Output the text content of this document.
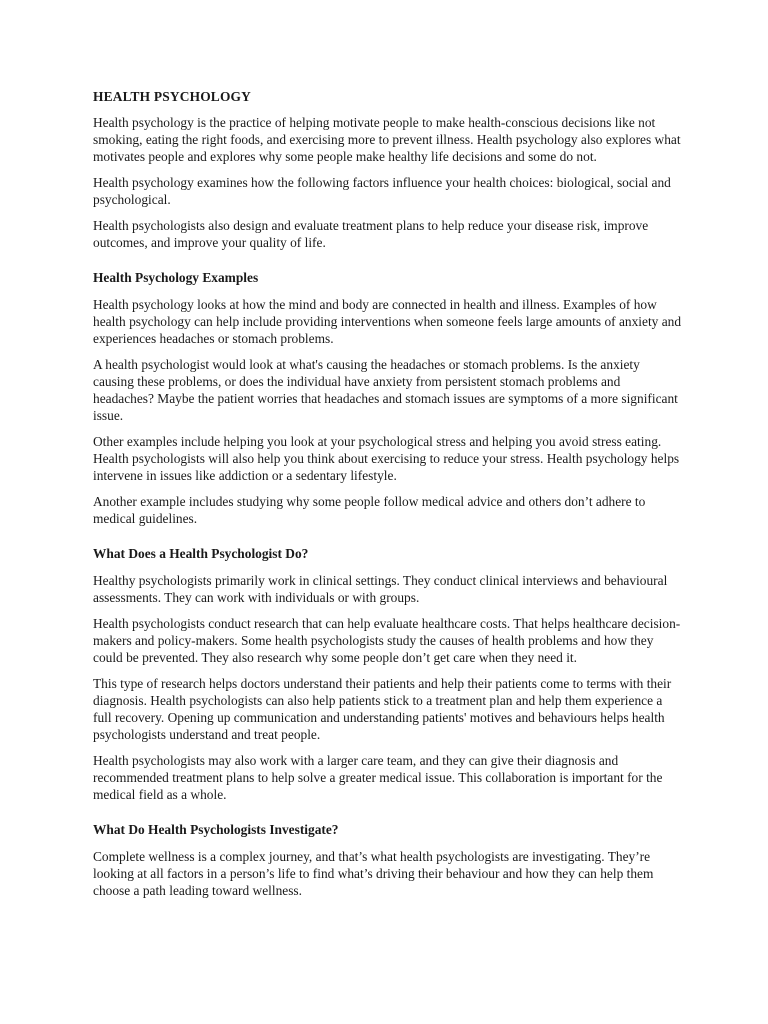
HEALTH PSYCHOLOGY

Health psychology is the practice of helping motivate people to make health-conscious decisions like not smoking, eating the right foods, and exercising more to prevent illness. Health psychology also explores what motivates people and explores why some people make healthy life decisions and some do not.

Health psychology examines how the following factors influence your health choices: biological, social and psychological.

Health psychologists also design and evaluate treatment plans to help reduce your disease risk, improve outcomes, and improve your quality of life.

Health Psychology Examples

Health psychology looks at how the mind and body are connected in health and illness. Examples of how health psychology can help include providing interventions when someone feels large amounts of anxiety and experiences headaches or stomach problems.

A health psychologist would look at what's causing the headaches or stomach problems. Is the anxiety causing these problems, or does the individual have anxiety from persistent stomach problems and headaches? Maybe the patient worries that headaches and stomach issues are symptoms of a more significant issue.

Other examples include helping you look at your psychological stress and helping you avoid stress eating. Health psychologists will also help you think about exercising to reduce your stress. Health psychology helps intervene in issues like addiction or a sedentary lifestyle.

Another example includes studying why some people follow medical advice and others don’t adhere to medical guidelines.

What Does a Health Psychologist Do?

Healthy psychologists primarily work in clinical settings. They conduct clinical interviews and behavioural assessments. They can work with individuals or with groups.

Health psychologists conduct research that can help evaluate healthcare costs. That helps healthcare decision-makers and policy-makers. Some health psychologists study the causes of health problems and how they could be prevented. They also research why some people don’t get care when they need it.

This type of research helps doctors understand their patients and help their patients come to terms with their diagnosis. Health psychologists can also help patients stick to a treatment plan and help them experience a full recovery. Opening up communication and understanding patients' motives and behaviours helps health psychologists understand and treat people.

Health psychologists may also work with a larger care team, and they can give their diagnosis and recommended treatment plans to help solve a greater medical issue. This collaboration is important for the medical field as a whole.

What Do Health Psychologists Investigate?

Complete wellness is a complex journey, and that’s what health psychologists are investigating. They’re looking at all factors in a person’s life to find what’s driving their behaviour and how they can help them choose a path leading toward wellness.
